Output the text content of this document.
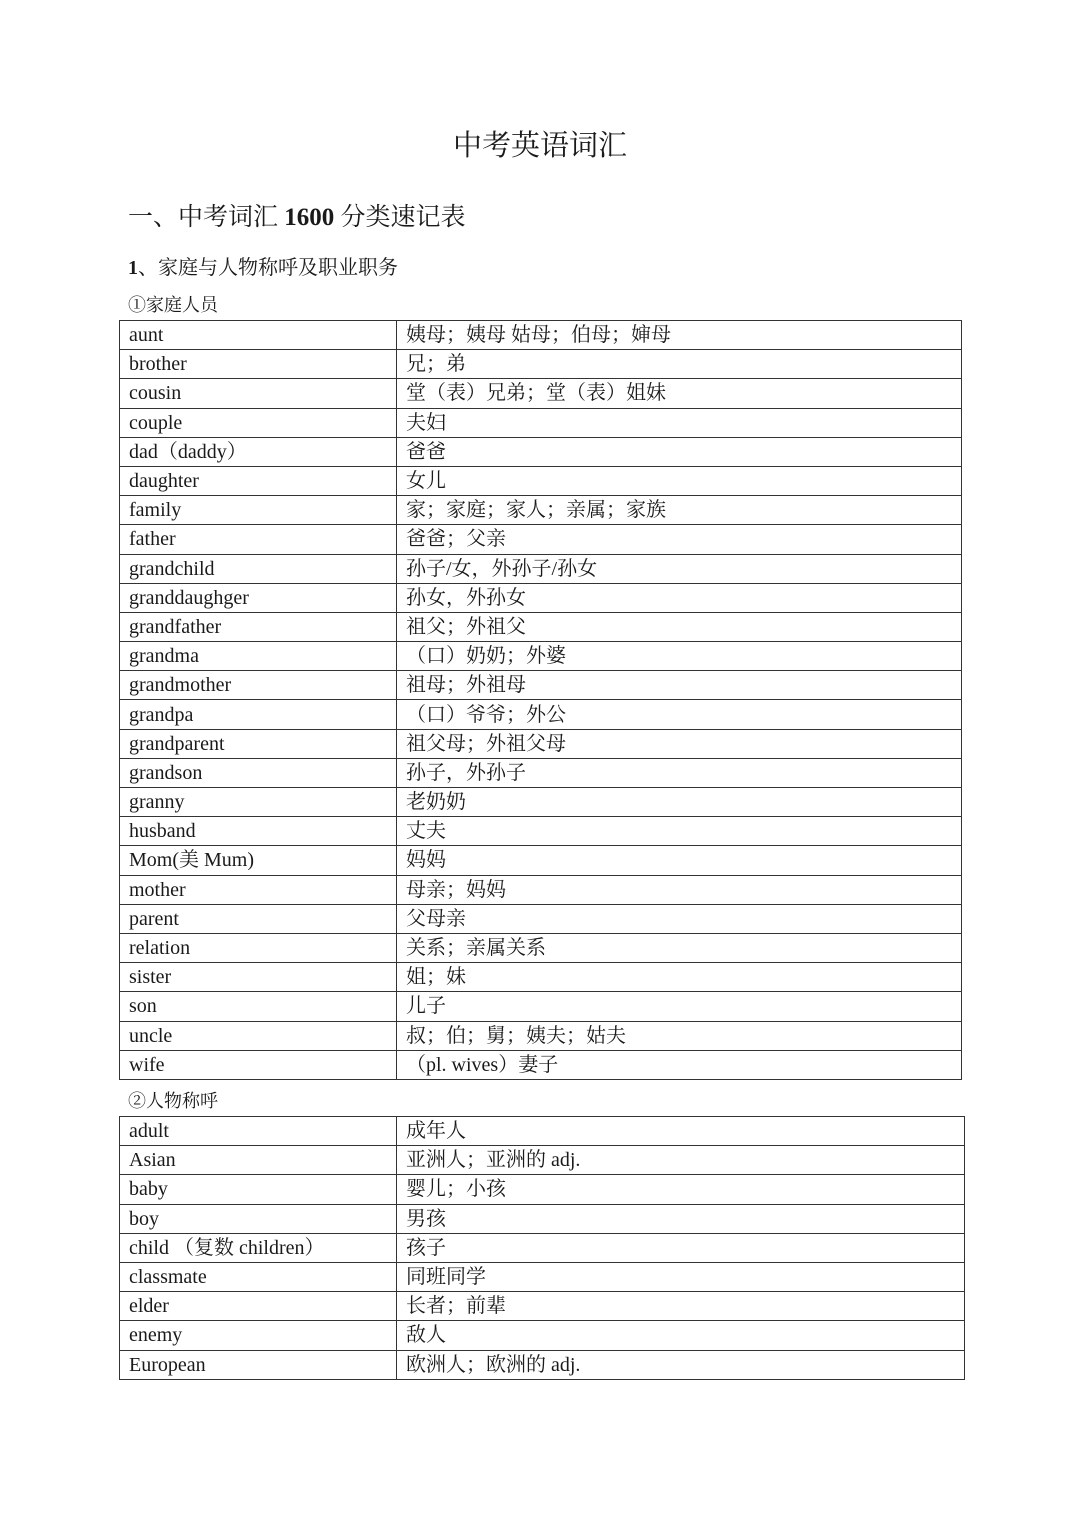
中考英语词汇
一、中考词汇 1600 分类速记表
1、家庭与人物称呼及职业职务
①家庭人员
aunt	姨母；姨母 姑母；伯母；婶母
brother	兄；弟
cousin	堂（表）兄弟；堂（表）姐妹
couple	夫妇
dad（daddy）	爸爸
daughter	女儿
family	家；家庭；家人；亲属；家族
father	爸爸；父亲
grandchild	孙子/女，外孙子/孙女
granddaughger	孙女，外孙女
grandfather	祖父；外祖父
grandma	（口）奶奶；外婆
grandmother	祖母；外祖母
grandpa	（口）爷爷；外公
grandparent	祖父母；外祖父母
grandson	孙子，外孙子
granny	老奶奶
husband	丈夫
Mom(美 Mum)	妈妈
mother	母亲；妈妈
parent	父母亲
relation	关系；亲属关系
sister	姐；妹
son	儿子
uncle	叔；伯；舅；姨夫；姑夫
wife	（pl. wives）妻子
②人物称呼
adult	成年人
Asian	亚洲人；亚洲的 adj.
baby	婴儿；小孩
boy	男孩
child （复数 children）	孩子
classmate	同班同学
elder	长者；前辈
enemy	敌人
European	欧洲人；欧洲的 adj.
